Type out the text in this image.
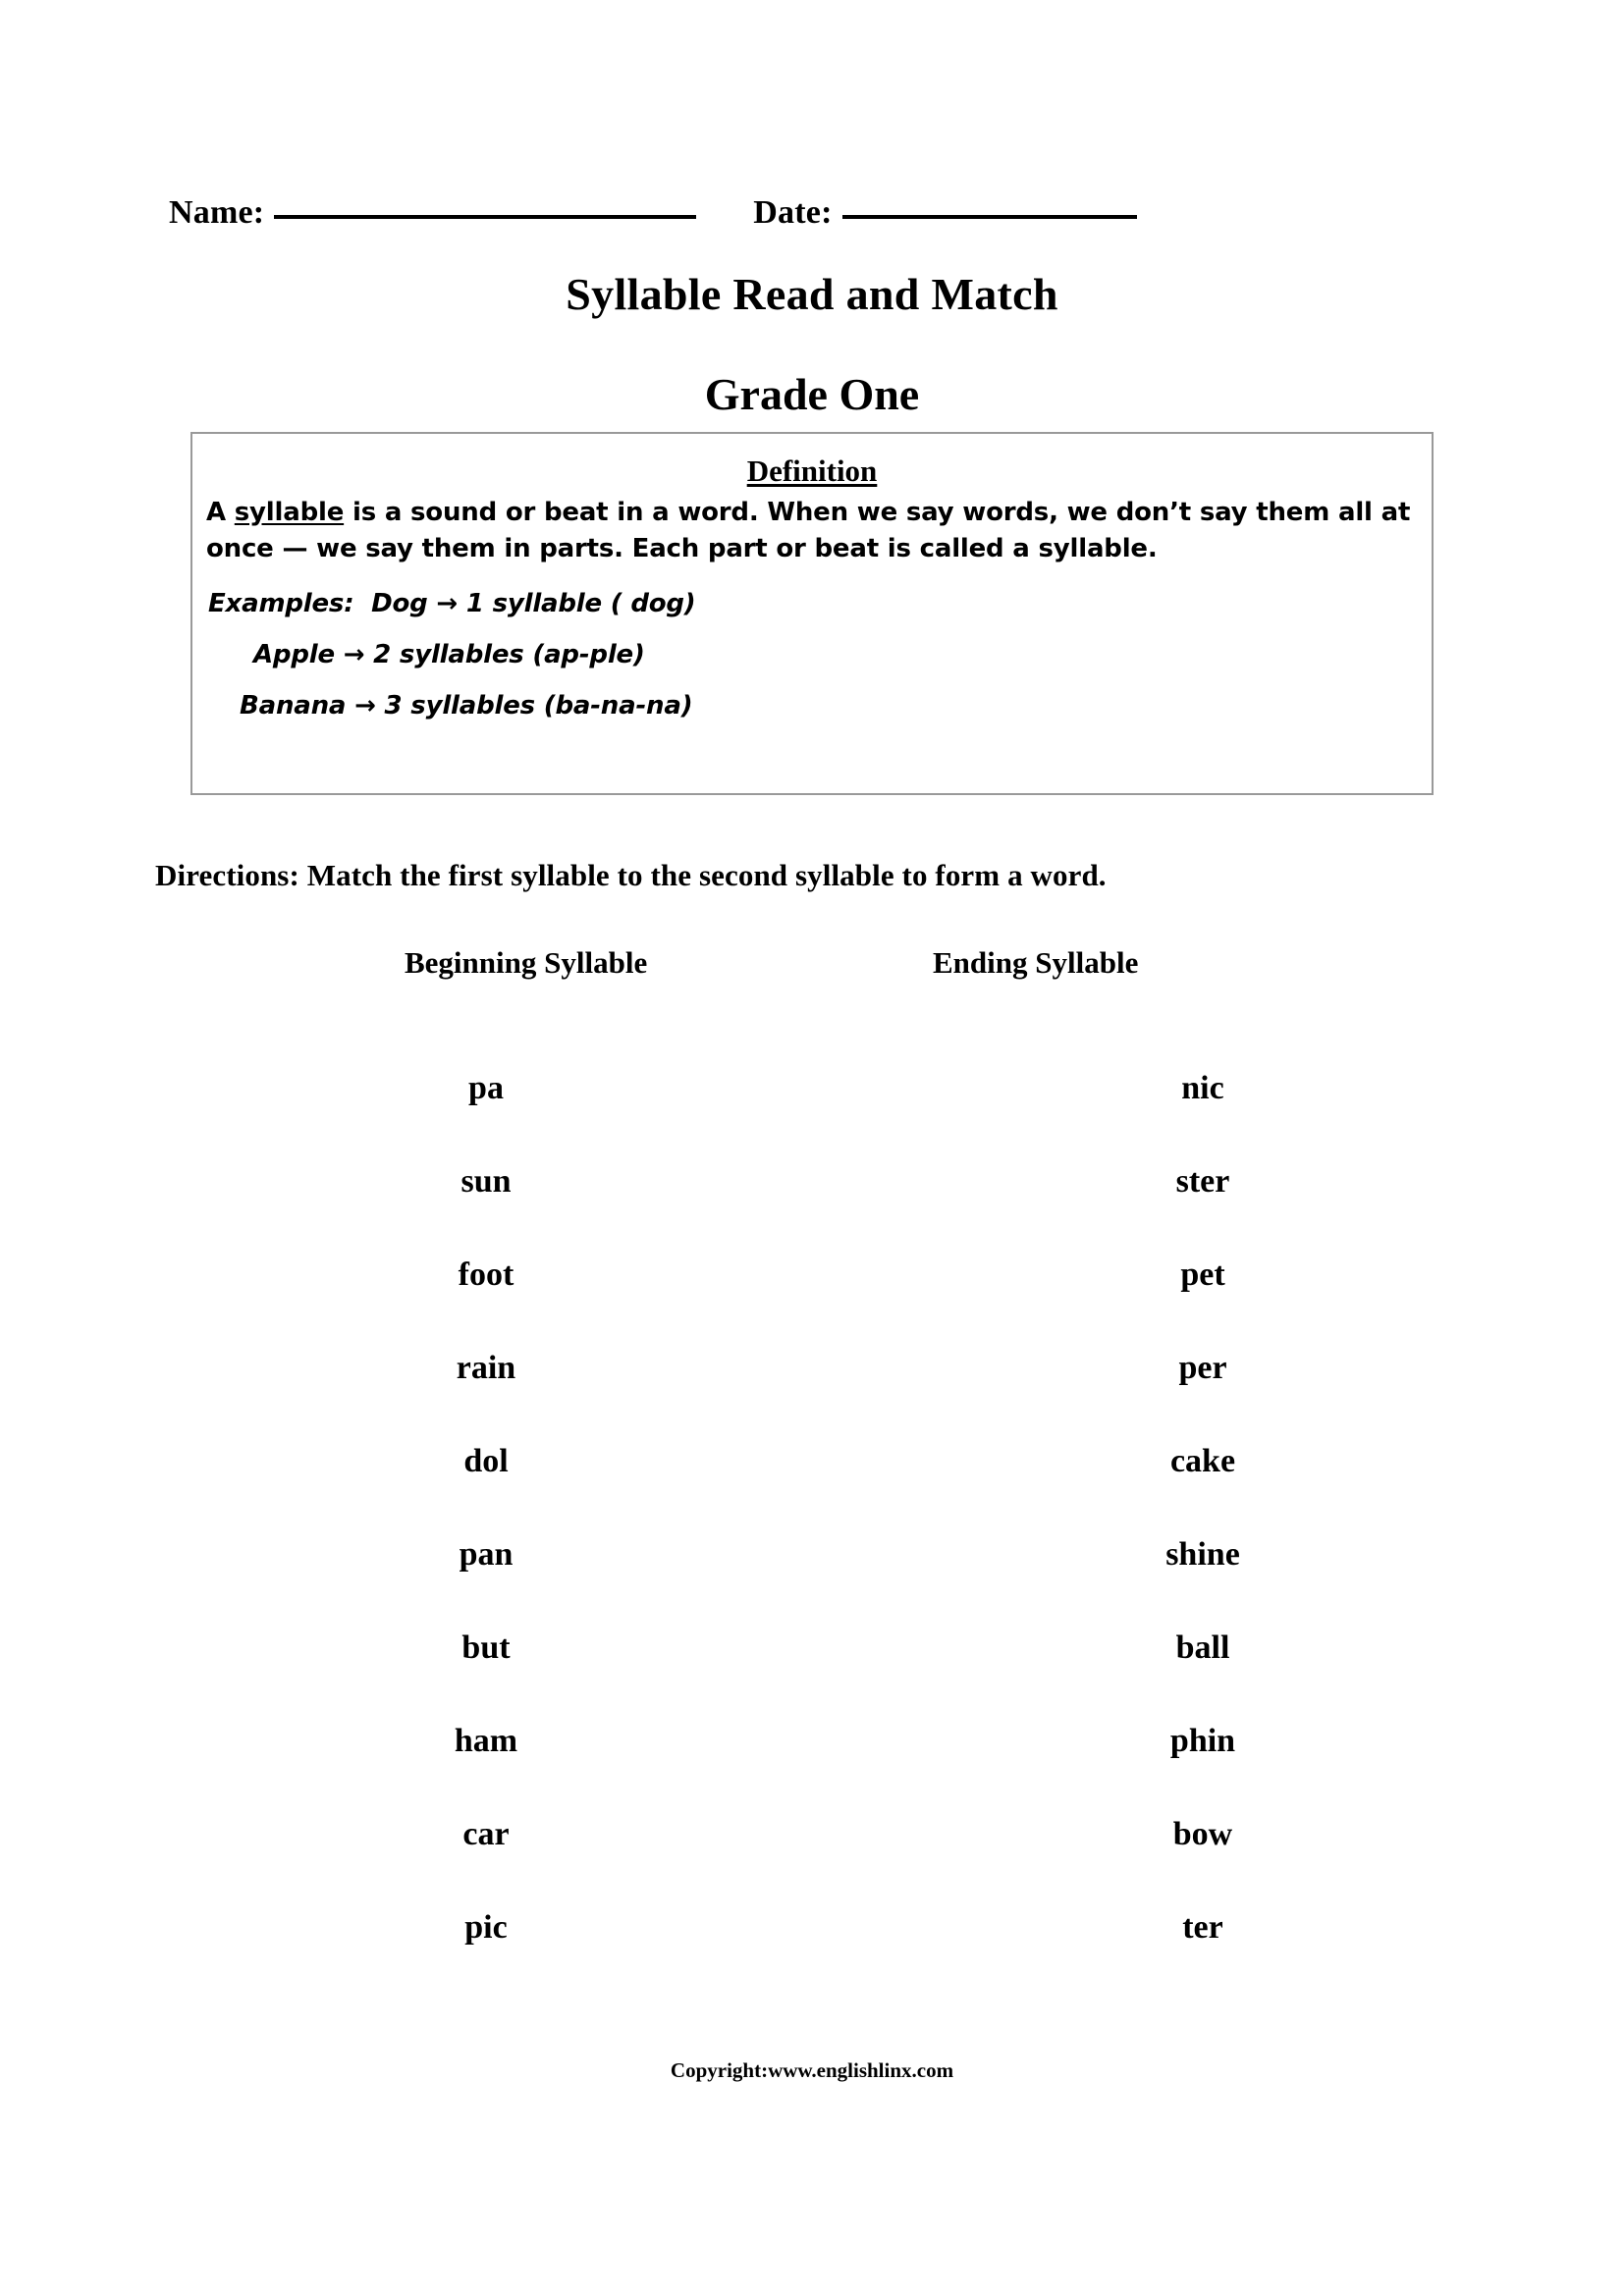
Name:	Date:
Syllable Read and Match
Grade One
Definition
A syllable is a sound or beat in a word. When we say words, we don’t say them all at once — we say them in parts. Each part or beat is called a syllable.
Examples:  Dog → 1 syllable ( dog)
Apple → 2 syllables (ap-ple)
Banana → 3 syllables (ba-na-na)
Directions: Match the first syllable to the second syllable to form a word.
Beginning Syllable	Ending Syllable
pa	nic
sun	ster
foot	pet
rain	per
dol	cake
pan	shine
but	ball
ham	phin
car	bow
pic	ter
Copyright:www.englishlinx.com
